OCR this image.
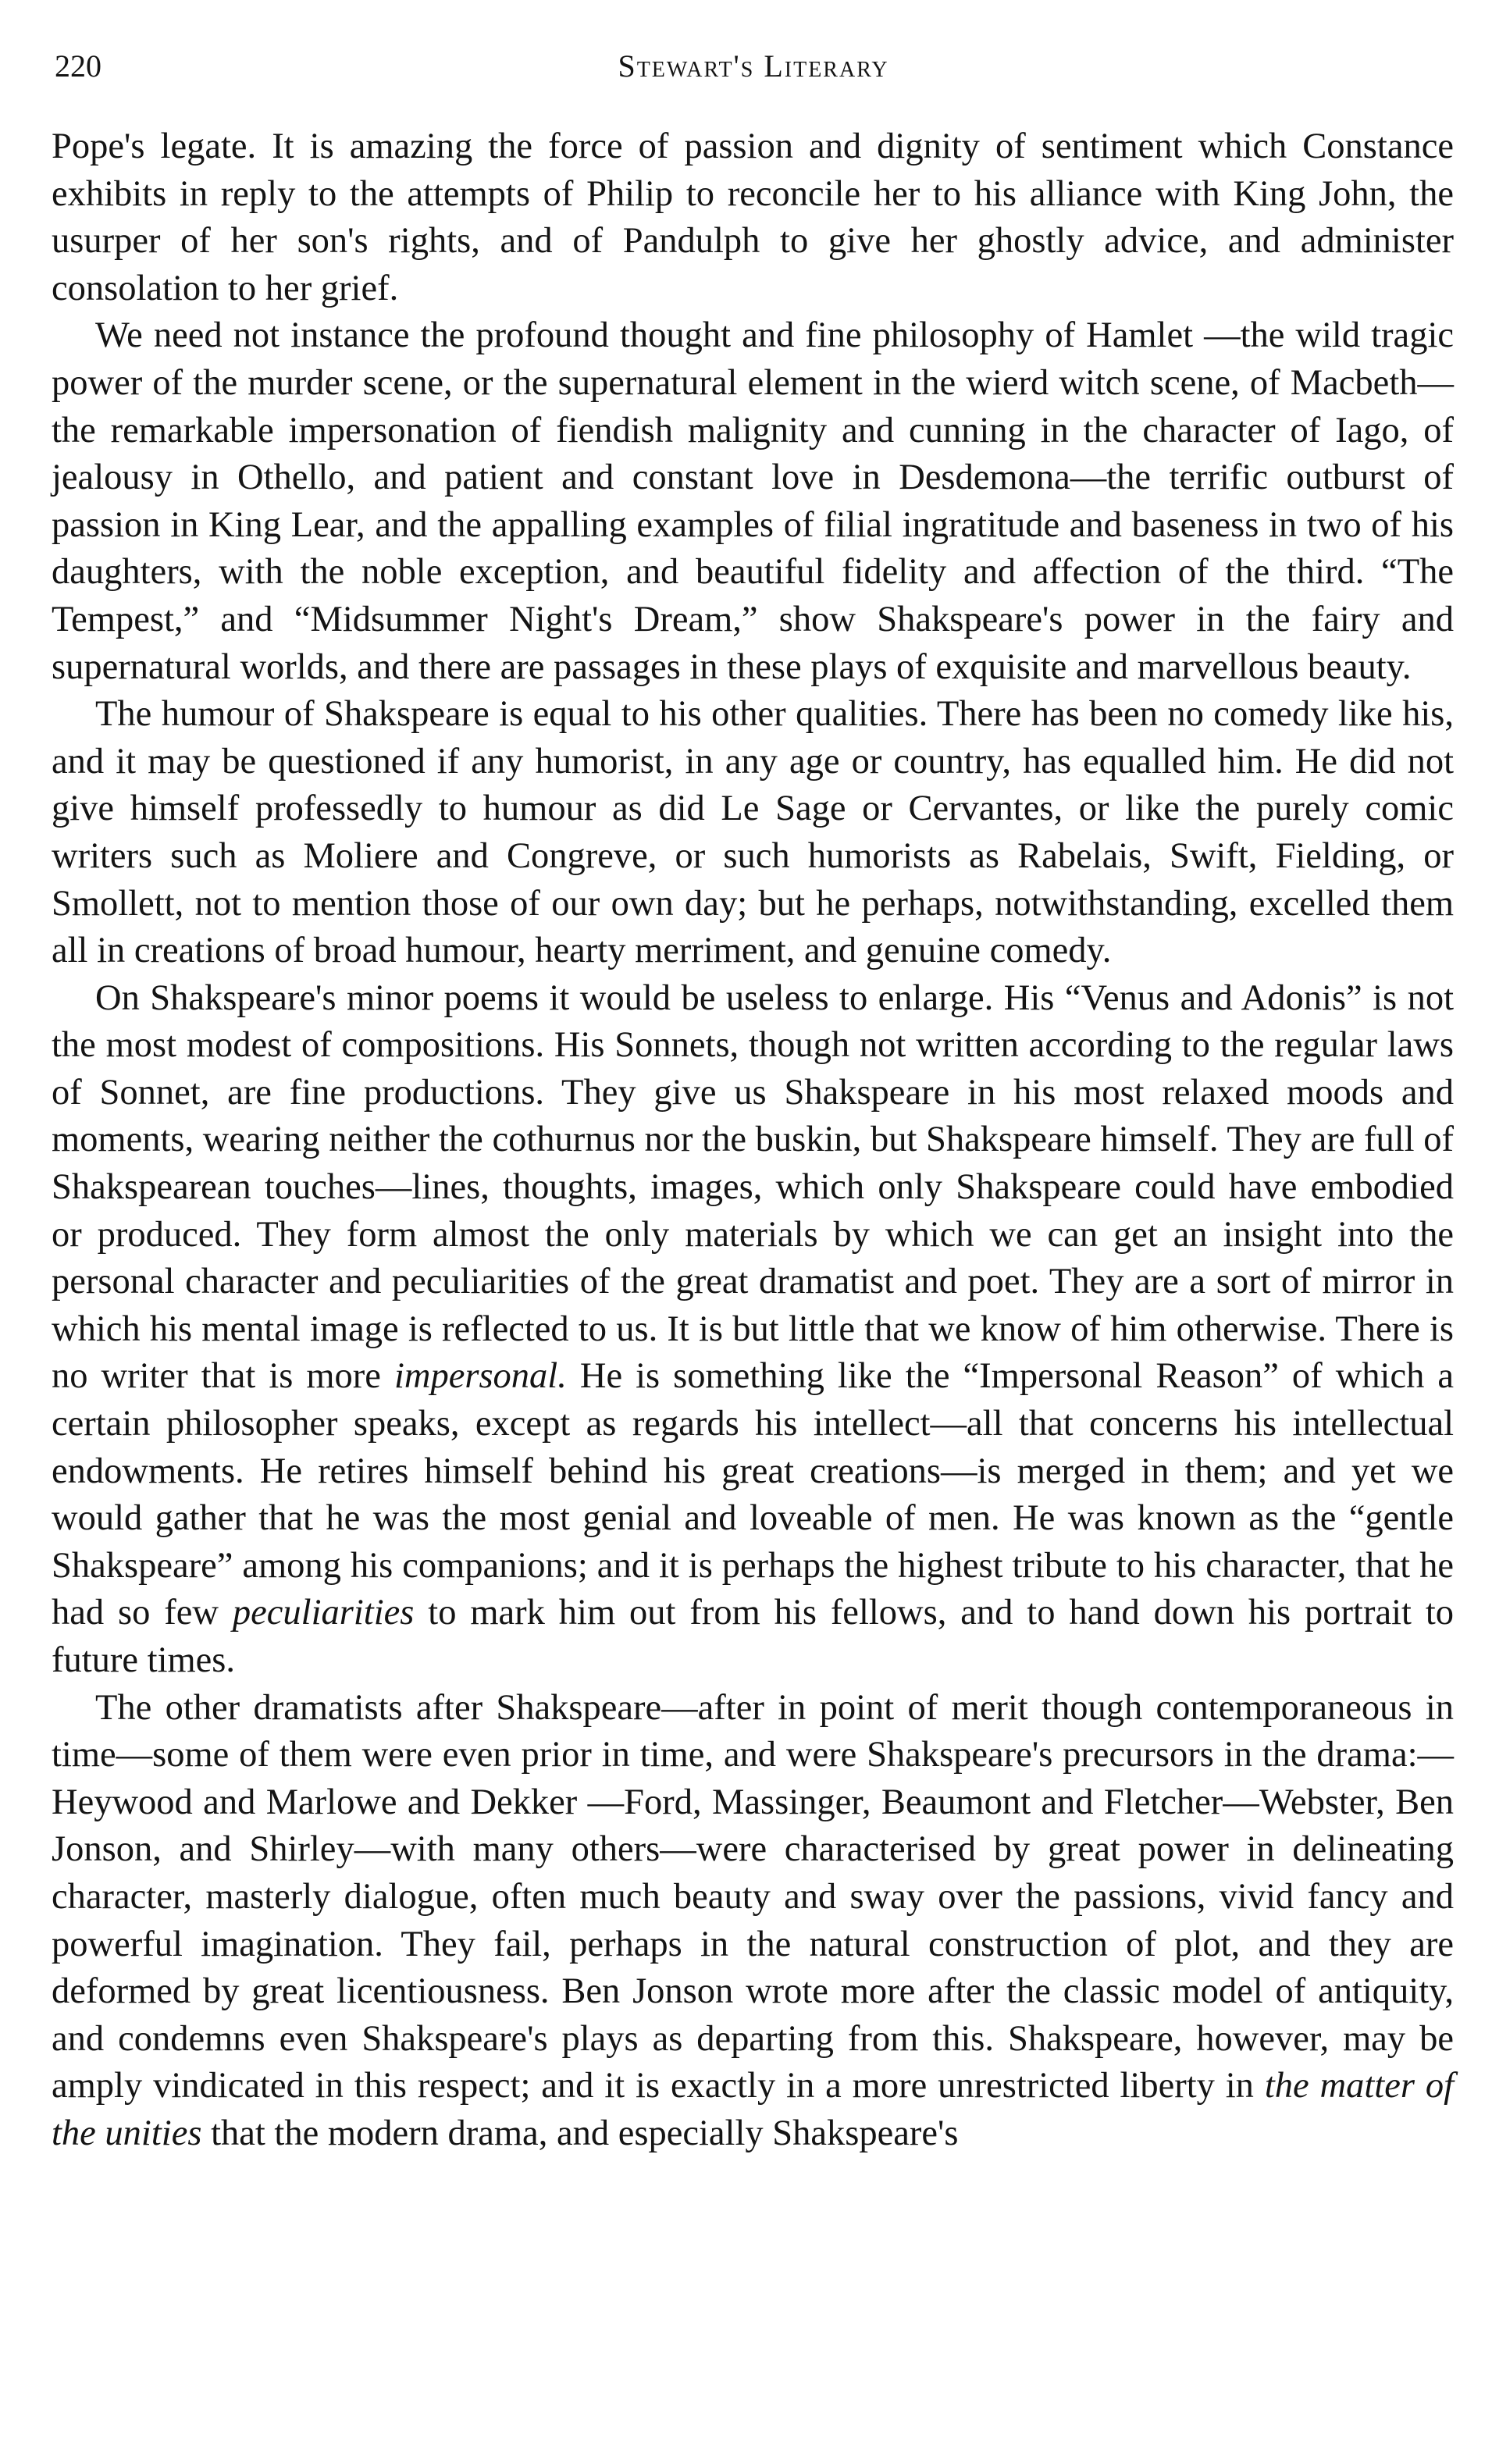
220	Stewart's Literary

Pope's legate. It is amazing the force of passion and dignity of sentiment which Constance exhibits in reply to the attempts of Philip to reconcile her to his alliance with King John, the usurper of her son's rights, and of Pandulph to give her ghostly advice, and administer consolation to her grief.

We need not instance the profound thought and fine philosophy of Hamlet —the wild tragic power of the murder scene, or the supernatural element in the wierd witch scene, of Macbeth—the remarkable impersonation of fiendish malignity and cunning in the character of Iago, of jealousy in Othello, and patient and constant love in Desdemona—the terrific outburst of passion in King Lear, and the appalling examples of filial ingratitude and baseness in two of his daughters, with the noble exception, and beautiful fidelity and affection of the third. “The Tempest,” and “Midsummer Night's Dream,” show Shakspeare's power in the fairy and supernatural worlds, and there are passages in these plays of exquisite and marvellous beauty.

The humour of Shakspeare is equal to his other qualities. There has been no comedy like his, and it may be questioned if any humorist, in any age or country, has equalled him. He did not give himself professedly to humour as did Le Sage or Cervantes, or like the purely comic writers such as Moliere and Congreve, or such humorists as Rabelais, Swift, Fielding, or Smollett, not to mention those of our own day; but he perhaps, notwithstanding, excelled them all in creations of broad humour, hearty merriment, and genuine comedy.

On Shakspeare's minor poems it would be useless to enlarge. His “Venus and Adonis” is not the most modest of compositions. His Sonnets, though not written according to the regular laws of Sonnet, are fine productions. They give us Shakspeare in his most relaxed moods and moments, wearing neither the cothurnus nor the buskin, but Shakspeare himself. They are full of Shakspearean touches—lines, thoughts, images, which only Shakspeare could have embodied or produced. They form almost the only materials by which we can get an insight into the personal character and peculiarities of the great dramatist and poet. They are a sort of mirror in which his mental image is reflected to us. It is but little that we know of him otherwise. There is no writer that is more impersonal. He is something like the “Impersonal Reason” of which a certain philosopher speaks, except as regards his intellect—all that concerns his intellectual endowments. He retires himself behind his great creations—is merged in them; and yet we would gather that he was the most genial and loveable of men. He was known as the “gentle Shakspeare” among his companions; and it is perhaps the highest tribute to his character, that he had so few peculiarities to mark him out from his fellows, and to hand down his portrait to future times.

The other dramatists after Shakspeare—after in point of merit though contemporaneous in time—some of them were even prior in time, and were Shakspeare's precursors in the drama:—Heywood and Marlowe and Dekker —Ford, Massinger, Beaumont and Fletcher—Webster, Ben Jonson, and Shirley—with many others—were characterised by great power in delineating character, masterly dialogue, often much beauty and sway over the passions, vivid fancy and powerful imagination. They fail, perhaps in the natural construction of plot, and they are deformed by great licentiousness. Ben Jonson wrote more after the classic model of antiquity, and condemns even Shakspeare's plays as departing from this. Shakspeare, however, may be amply vindicated in this respect; and it is exactly in a more unrestricted liberty in the matter of the unities that the modern drama, and especially Shakspeare's
